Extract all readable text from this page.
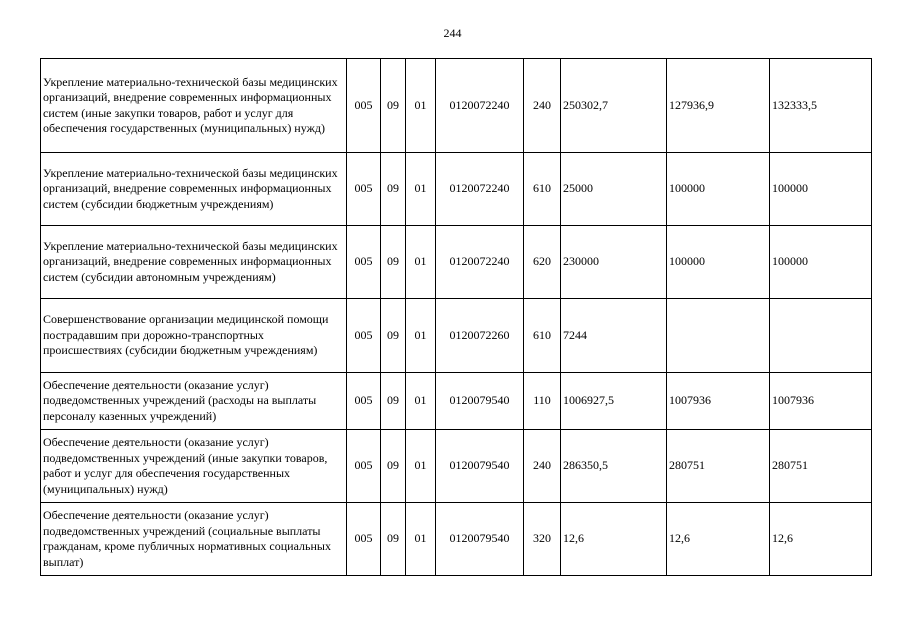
244
Укрепление материально-технической базы медицинских организаций, внедрение современных информационных систем (иные закупки товаров, работ и услуг для обеспечения государственных (муниципальных) нужд)	005	09	01	0120072240	240	250302,7	127936,9	132333,5
Укрепление материально-технической базы медицинских организаций, внедрение современных информационных систем (субсидии бюджетным учреждениям)	005	09	01	0120072240	610	25000	100000	100000
Укрепление материально-технической базы медицинских организаций, внедрение современных информационных систем (субсидии автономным учреждениям)	005	09	01	0120072240	620	230000	100000	100000
Совершенствование организации медицинской помощи пострадавшим при дорожно-транспортных происшествиях (субсидии бюджетным учреждениям)	005	09	01	0120072260	610	7244		
Обеспечение деятельности (оказание услуг) подведомственных учреждений (расходы на выплаты персоналу казенных учреждений)	005	09	01	0120079540	110	1006927,5	1007936	1007936
Обеспечение деятельности (оказание услуг) подведомственных учреждений (иные закупки товаров, работ и услуг для обеспечения государственных (муниципальных) нужд)	005	09	01	0120079540	240	286350,5	280751	280751
Обеспечение деятельности (оказание услуг) подведомственных учреждений (социальные выплаты гражданам, кроме публичных нормативных социальных выплат)	005	09	01	0120079540	320	12,6	12,6	12,6
